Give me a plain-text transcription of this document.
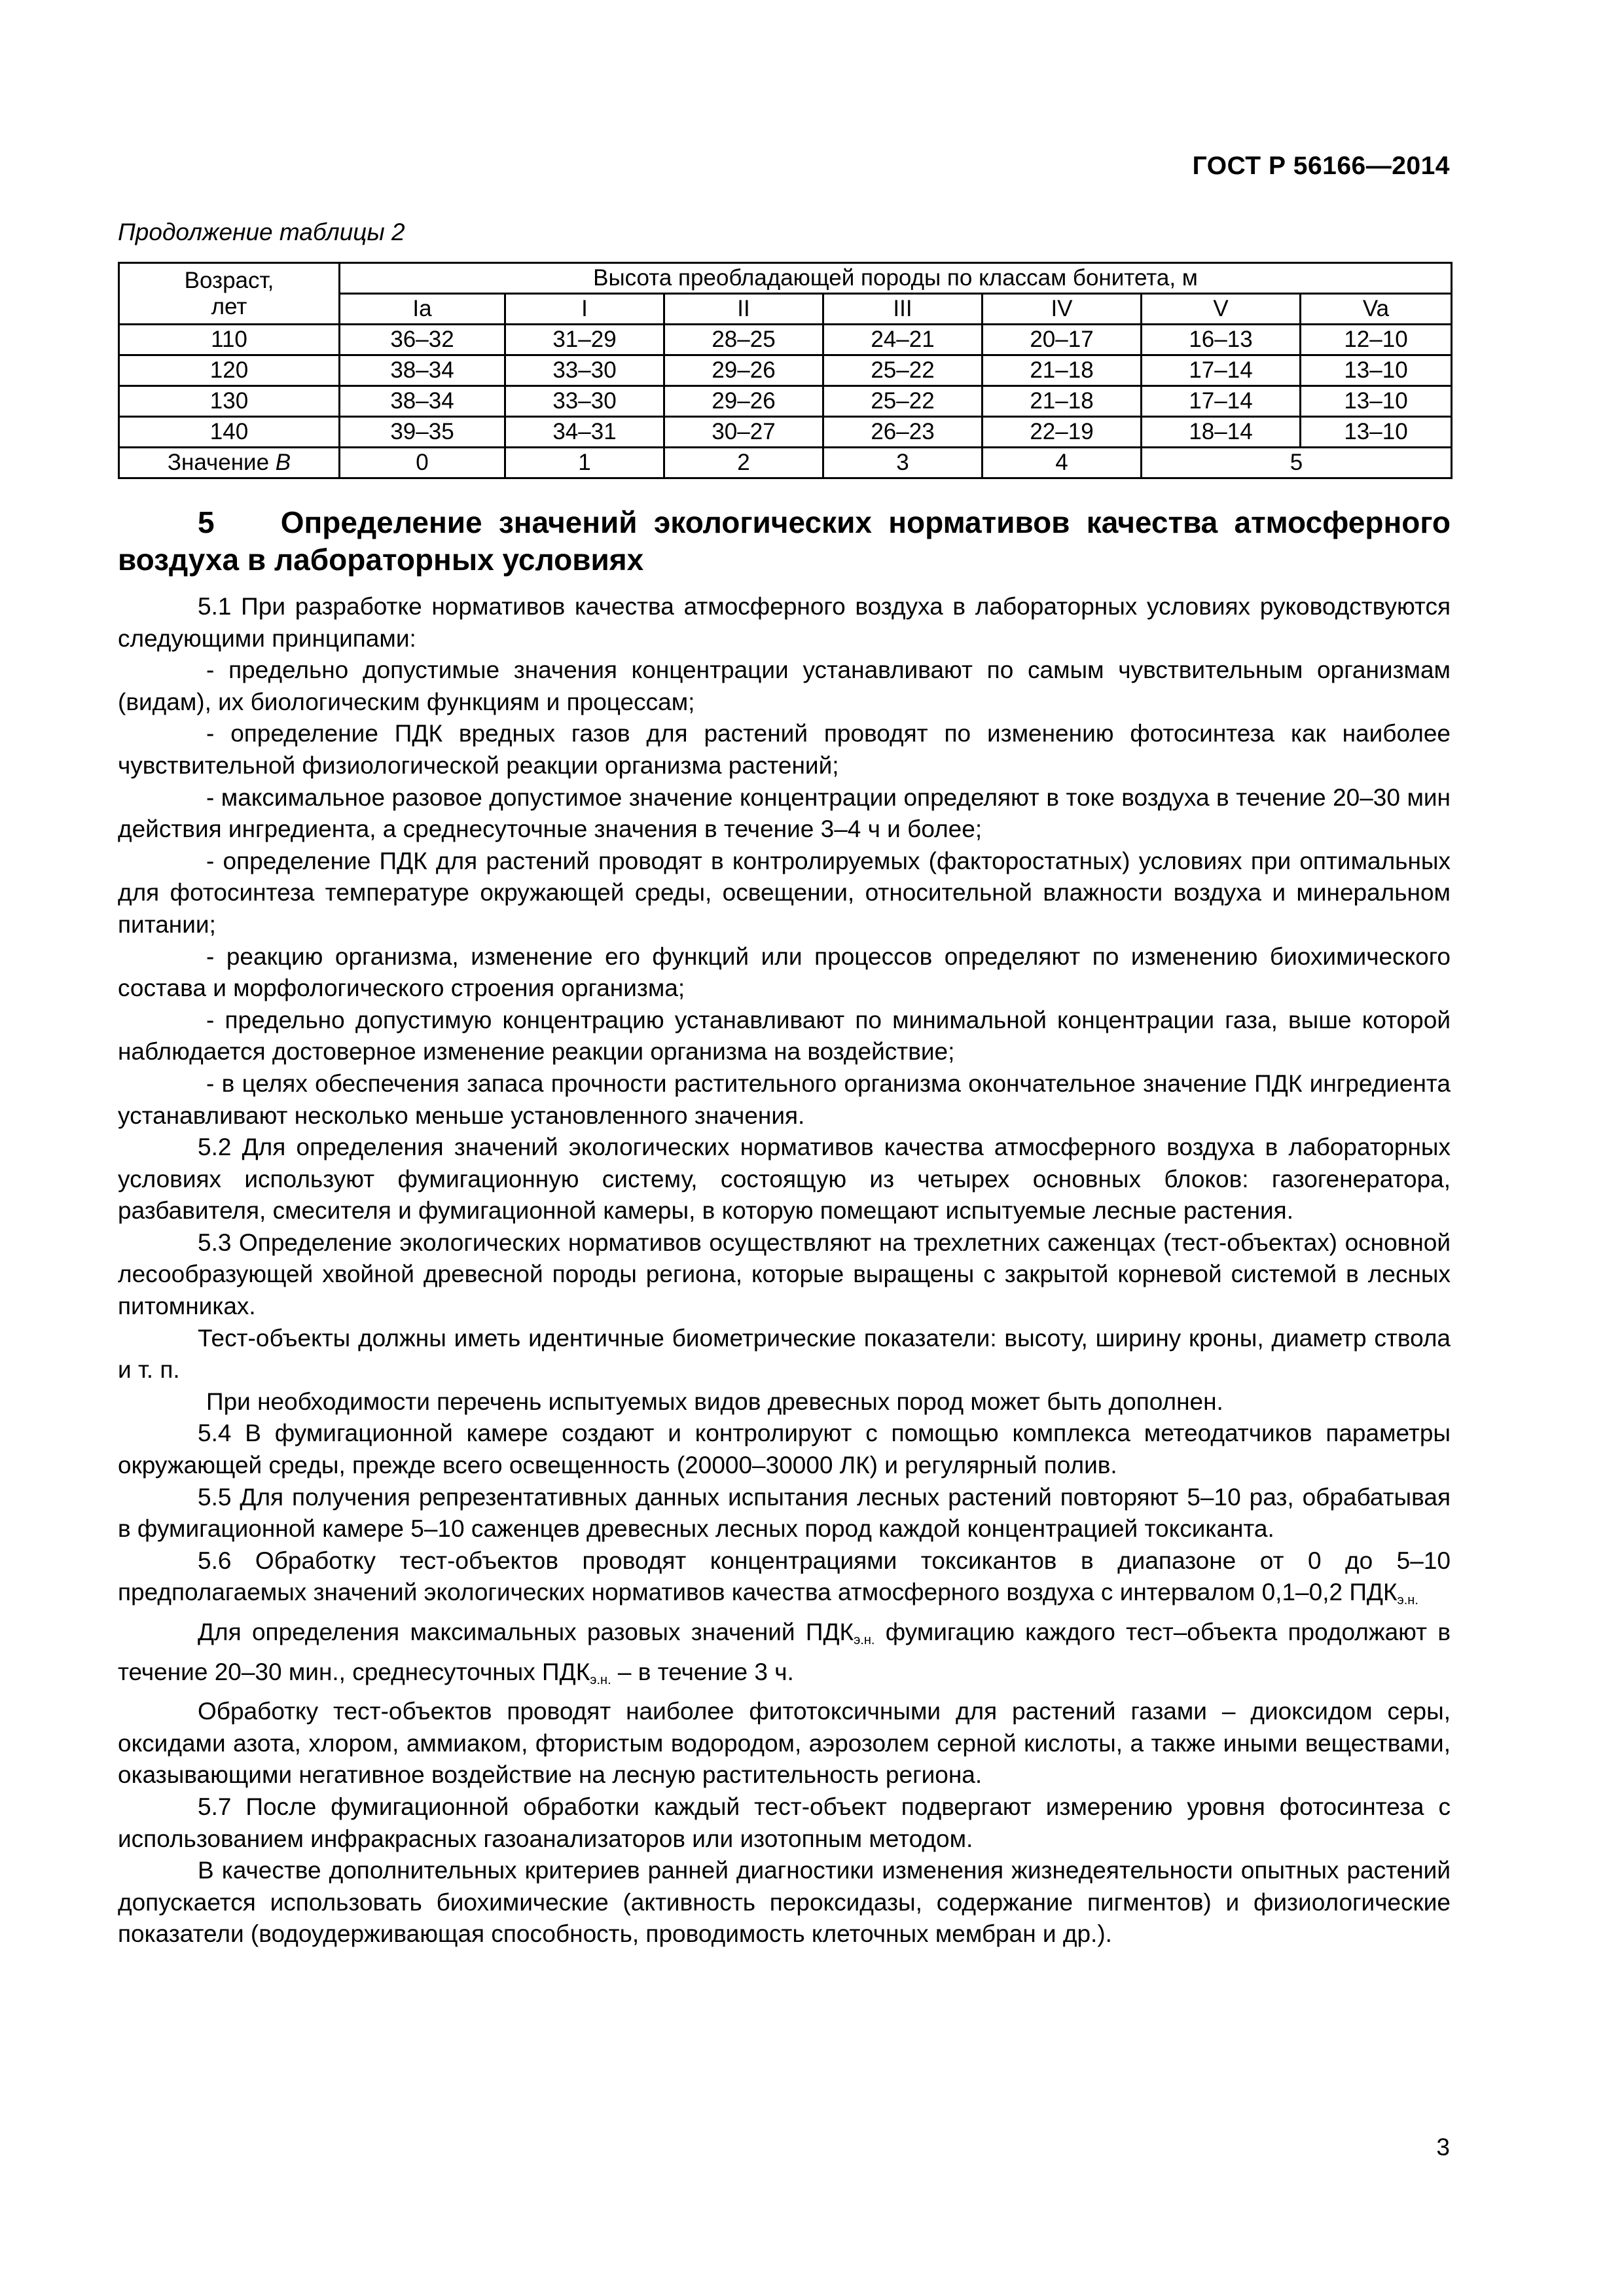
ГОСТ Р 56166—2014
Продолжение таблицы 2
Возраст,
лет	Высота преобладающей породы по классам бонитета, м						
	Ia	I	II	III	IV	V	Va
110	36–32	31–29	28–25	24–21	20–17	16–13	12–10
120	38–34	33–30	29–26	25–22	21–18	17–14	13–10
130	38–34	33–30	29–26	25–22	21–18	17–14	13–10
140	39–35	34–31	30–27	26–23	22–19	18–14	13–10
Значение В	0	1	2	3	4	5	
5 Определение значений экологических нормативов качества атмосферного воздуха в лабораторных условиях

5.1 При разработке нормативов качества атмосферного воздуха в лабораторных условиях руководствуются следующими принципами:

- предельно допустимые значения концентрации устанавливают по самым чувствительным организмам (видам), их биологическим функциям и процессам;

- определение ПДК вредных газов для растений проводят по изменению фотосинтеза как наиболее чувствительной физиологической реакции организма растений;

- максимальное разовое допустимое значение концентрации определяют в токе воздуха в течение 20–30 мин действия ингредиента, а среднесуточные значения в течение 3–4 ч и более;

- определение ПДК для растений проводят в контролируемых (факторостатных) условиях при оптимальных для фотосинтеза температуре окружающей среды, освещении, относительной влажности воздуха и минеральном питании;

- реакцию организма, изменение его функций или процессов определяют по изменению биохимического состава и морфологического строения организма;

- предельно допустимую концентрацию устанавливают по минимальной концентрации газа, выше которой наблюдается достоверное изменение реакции организма на воздействие;

- в целях обеспечения запаса прочности растительного организма окончательное значение ПДК ингредиента устанавливают несколько меньше установленного значения.

5.2 Для определения значений экологических нормативов качества атмосферного воздуха в лабораторных условиях используют фумигационную систему, состоящую из четырех основных блоков: газогенератора, разбавителя, смесителя и фумигационной камеры, в которую помещают испытуемые лесные растения.

5.3 Определение экологических нормативов осуществляют на трехлетних саженцах (тест-объектах) основной лесообразующей хвойной древесной породы региона, которые выращены с закрытой корневой системой в лесных питомниках.

Тест-объекты должны иметь идентичные биометрические показатели: высоту, ширину кроны, диаметр ствола и т. п.

При необходимости перечень испытуемых видов древесных пород может быть дополнен.

5.4 В фумигационной камере создают и контролируют с помощью комплекса метеодатчиков параметры окружающей среды, прежде всего освещенность (20000–30000 ЛК) и регулярный полив.

5.5 Для получения репрезентативных данных испытания лесных растений повторяют 5–10 раз, обрабатывая в фумигационной камере 5–10 саженцев древесных лесных пород каждой концентрацией токсиканта.

5.6 Обработку тест-объектов проводят концентрациями токсикантов в диапазоне от 0 до 5–10 предполагаемых значений экологических нормативов качества атмосферного воздуха с интервалом 0,1–0,2 $ПДК_{э.н.}$

Для определения максимальных разовых значений $ПДК_{э.н.}$ фумигацию каждого тест–объекта продолжают в течение 20–30 мин., среднесуточных $ПДК_{э.н.}$ – в течение 3 ч.

Обработку тест-объектов проводят наиболее фитотоксичными для растений газами – диоксидом серы, оксидами азота, хлором, аммиаком, фтористым водородом, аэрозолем серной кислоты, а также иными веществами, оказывающими негативное воздействие на лесную растительность региона.

5.7 После фумигационной обработки каждый тест-объект подвергают измерению уровня фотосинтеза с использованием инфракрасных газоанализаторов или изотопным методом.

В качестве дополнительных критериев ранней диагностики изменения жизнедеятельности опытных растений допускается использовать биохимические (активность пероксидазы, содержание пигментов) и физиологические показатели (водоудерживающая способность, проводимость клеточных мембран и др.).

3
